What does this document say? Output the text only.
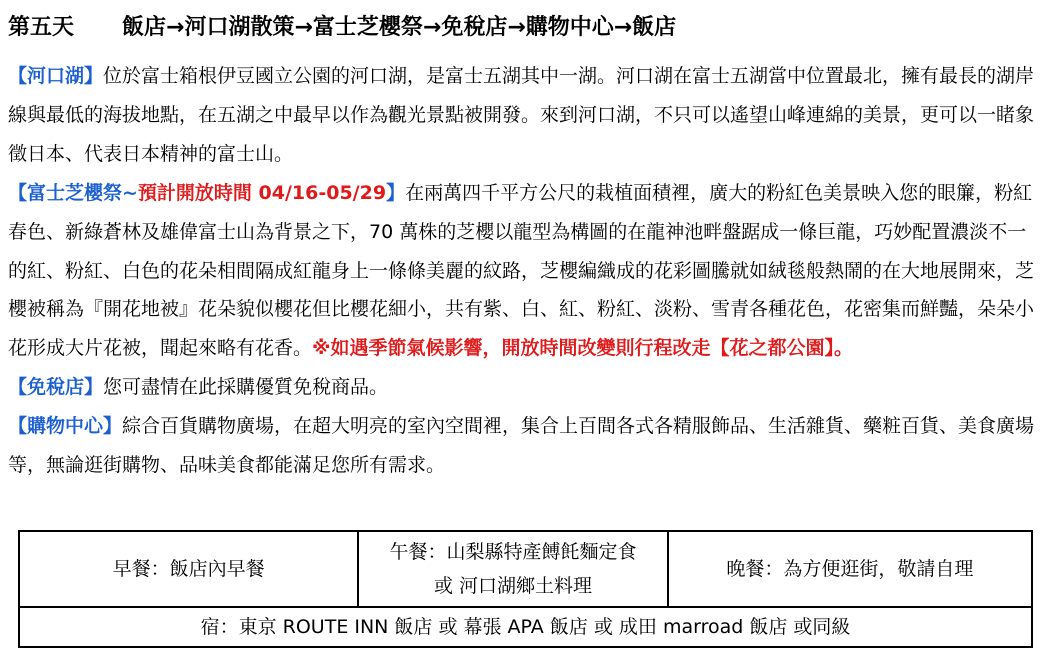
第五天 飯店→河口湖散策→富士芝櫻祭→免稅店→購物中心→飯店

【河口湖】位於富士箱根伊豆國立公園的河口湖，是富士五湖其中一湖。河口湖在富士五湖當中位置最北，擁有最長的湖岸線與最低的海拔地點，在五湖之中最早以作為觀光景點被開發。來到河口湖，不只可以遙望山峰連綿的美景，更可以一睹象徵日本、代表日本精神的富士山。

【富士芝櫻祭~預計開放時間 04/16-05/29】在兩萬四千平方公尺的栽植面積裡，廣大的粉紅色美景映入您的眼簾，粉紅春色、新綠蒼林及雄偉富士山為背景之下，70 萬株的芝櫻以龍型為構圖的在龍神池畔盤踞成一條巨龍，巧妙配置濃淡不一的紅、粉紅、白色的花朵相間隔成紅龍身上一條條美麗的紋路，芝櫻編織成的花彩圖騰就如絨毯般熱鬧的在大地展開來，芝櫻被稱為『開花地被』花朵貌似櫻花但比櫻花細小，共有紫、白、紅、粉紅、淡粉、雪青各種花色，花密集而鮮豔，朵朵小花形成大片花被，聞起來略有花香。※如遇季節氣候影響，開放時間改變則行程改走【花之都公園】。

【免稅店】您可盡情在此採購優質免稅商品。

【購物中心】綜合百貨購物廣場，在超大明亮的室內空間裡，集合上百間各式各精服飾品、生活雜貨、藥粧百貨、美食廣場等，無論逛街購物、品味美食都能滿足您所有需求。

早餐：飯店內早餐	
午餐：山梨縣特產餺飥麵定食
或 河口湖鄉土料理
	晚餐：為方便逛街，敬請自理
宿：東京 ROUTE INN 飯店 或 幕張 APA 飯店 或 成田 marroad 飯店 或同級
